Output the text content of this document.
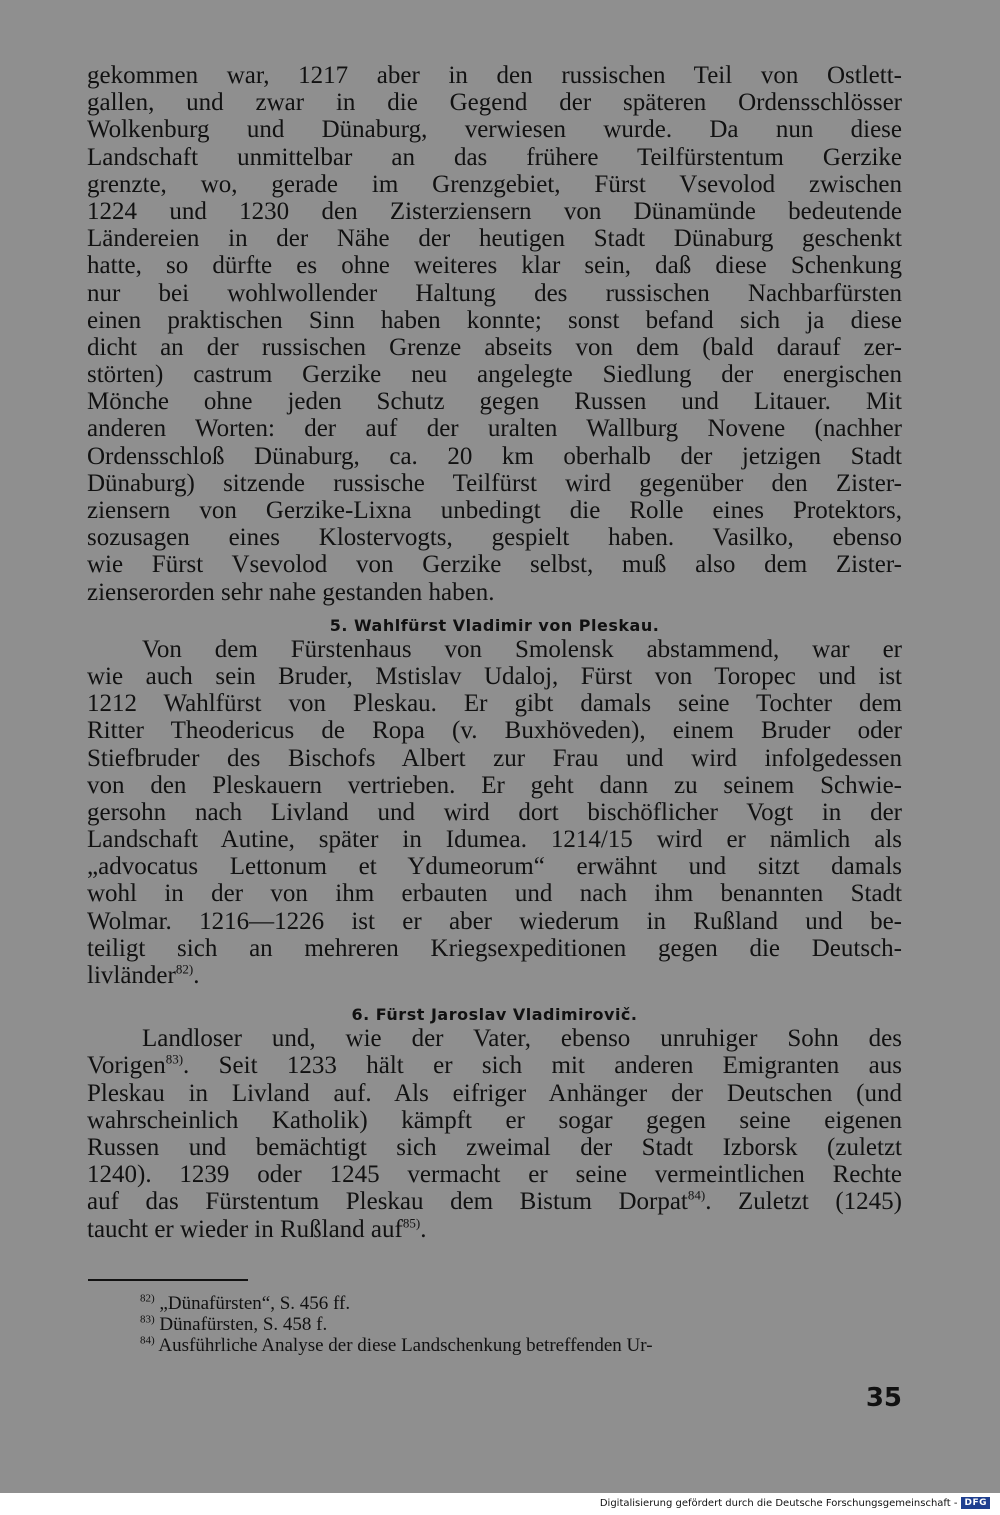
gekommen war, 1217 aber in den russischen Teil von Ostlett-
gallen, und zwar in die Gegend der späteren Ordensschlösser
Wolkenburg und Dünaburg, verwiesen wurde. Da nun diese
Landschaft unmittelbar an das frühere Teilfürstentum Gerzike
grenzte, wo, gerade im Grenzgebiet, Fürst Vsevolod zwischen
1224 und 1230 den Zisterziensern von Dünamünde bedeutende
Ländereien in der Nähe der heutigen Stadt Dünaburg geschenkt
hatte, so dürfte es ohne weiteres klar sein, daß diese Schenkung
nur bei wohlwollender Haltung des russischen Nachbarfürsten
einen praktischen Sinn haben konnte; sonst befand sich ja diese
dicht an der russischen Grenze abseits von dem (bald darauf zer-
störten) castrum Gerzike neu angelegte Siedlung der energischen
Mönche ohne jeden Schutz gegen Russen und Litauer. Mit
anderen Worten: der auf der uralten Wallburg Novene (nachher
Ordensschloß Dünaburg, ca. 20 km oberhalb der jetzigen Stadt
Dünaburg) sitzende russische Teilfürst wird gegenüber den Zister-
ziensern von Gerzike-Lixna unbedingt die Rolle eines Protektors,
sozusagen eines Klostervogts, gespielt haben. Vasilko, ebenso
wie Fürst Vsevolod von Gerzike selbst, muß also dem Zister-
zienserorden sehr nahe gestanden haben.
5. Wahlfürst Vladimir von Pleskau.
Von dem Fürstenhaus von Smolensk abstammend, war er
wie auch sein Bruder, Mstislav Udaloj, Fürst von Toropec und ist
1212 Wahlfürst von Pleskau. Er gibt damals seine Tochter dem
Ritter Theodericus de Ropa (v. Buxhöveden), einem Bruder oder
Stiefbruder des Bischofs Albert zur Frau und wird infolgedessen
von den Pleskauern vertrieben. Er geht dann zu seinem Schwie-
gersohn nach Livland und wird dort bischöflicher Vogt in der
Landschaft Autine, später in Idumea. 1214/15 wird er nämlich als
„advocatus Lettonum et Ydumeorum“ erwähnt und sitzt damals
wohl in der von ihm erbauten und nach ihm benannten Stadt
Wolmar. 1216—1226 ist er aber wiederum in Rußland und be-
teiligt sich an mehreren Kriegsexpeditionen gegen die Deutsch-
livländer$^{82)}$.
6. Fürst Jaroslav Vladimirovič.
Landloser und, wie der Vater, ebenso unruhiger Sohn des
Vorigen$^{83)}$. Seit 1233 hält er sich mit anderen Emigranten aus
Pleskau in Livland auf. Als eifriger Anhänger der Deutschen (und
wahrscheinlich Katholik) kämpft er sogar gegen seine eigenen
Russen und bemächtigt sich zweimal der Stadt Izborsk (zuletzt
1240). 1239 oder 1245 vermacht er seine vermeintlichen Rechte
auf das Fürstentum Pleskau dem Bistum Dorpat$^{84)}$. Zuletzt (1245)
taucht er wieder in Rußland auf$^{85)}$.
$^{82)}$ „Dünafürsten“, S. 456 ff.
$^{83)}$ Dünafürsten, S. 458 f.
$^{84)}$ Ausführliche Analyse der diese Landschenkung betreffenden Ur-
35
Digitalisierung gefördert durch die Deutsche Forschungsgemeinschaft - DFG
